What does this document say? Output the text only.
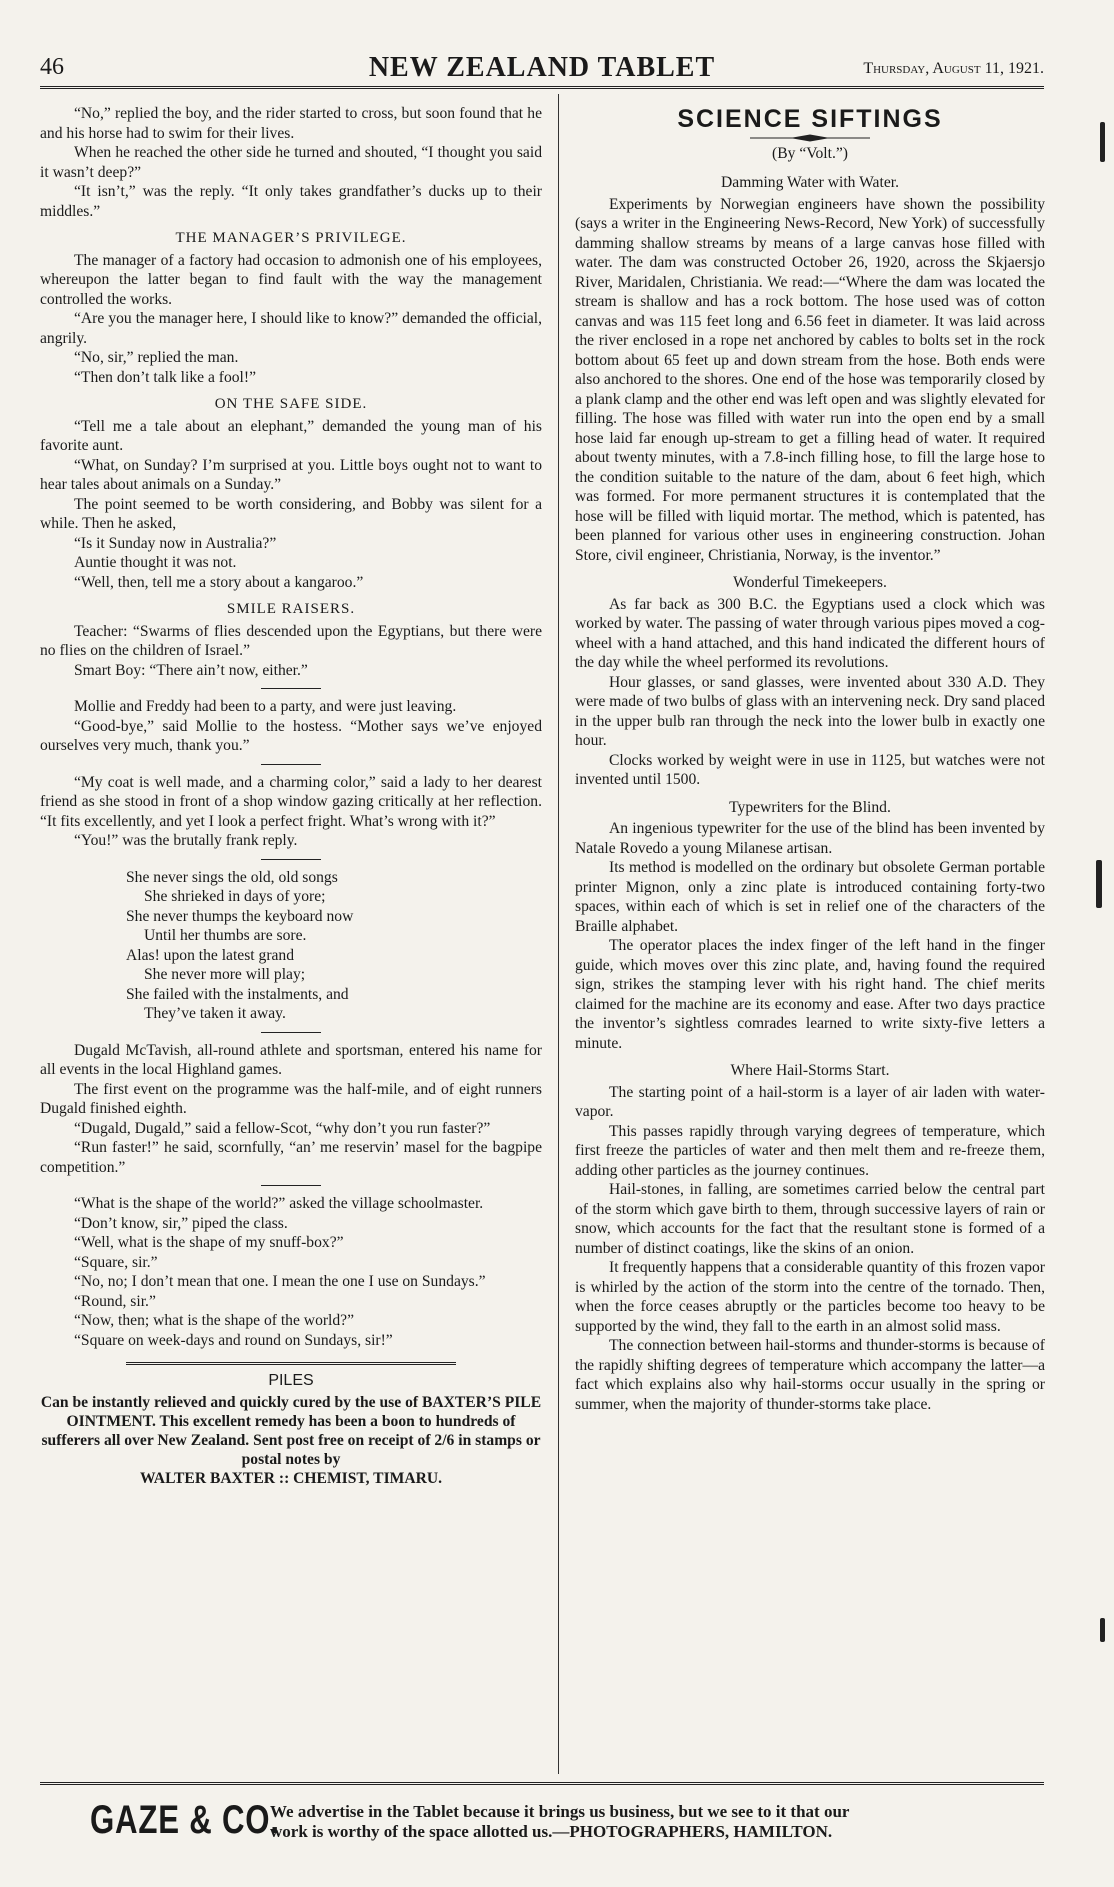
46	NEW ZEALAND TABLET	Thursday, August 11, 1921.

“No,” replied the boy, and the rider started to cross, but soon found that he and his horse had to swim for their lives.

When he reached the other side he turned and shouted, “I thought you said it wasn’t deep?”

“It isn’t,” was the reply. “It only takes grandfather’s ducks up to their middles.”

THE MANAGER’S PRIVILEGE.

The manager of a factory had occasion to admonish one of his employees, whereupon the latter began to find fault with the way the management controlled the works.

“Are you the manager here, I should like to know?” demanded the official, angrily.

“No, sir,” replied the man.

“Then don’t talk like a fool!”

ON THE SAFE SIDE.

“Tell me a tale about an elephant,” demanded the young man of his favorite aunt.

“What, on Sunday? I’m surprised at you. Little boys ought not to want to hear tales about animals on a Sunday.”

The point seemed to be worth considering, and Bobby was silent for a while. Then he asked,

“Is it Sunday now in Australia?”

Auntie thought it was not.

“Well, then, tell me a story about a kangaroo.”

SMILE RAISERS.

Teacher: “Swarms of flies descended upon the Egyptians, but there were no flies on the children of Israel.”

Smart Boy: “There ain’t now, either.”

Mollie and Freddy had been to a party, and were just leaving.

“Good-bye,” said Mollie to the hostess. “Mother says we’ve enjoyed ourselves very much, thank you.”

“My coat is well made, and a charming color,” said a lady to her dearest friend as she stood in front of a shop window gazing critically at her reflection. “It fits excellently, and yet I look a perfect fright. What’s wrong with it?”

“You!” was the brutally frank reply.

She never sings the old, old songs
She shrieked in days of yore;
She never thumps the keyboard now
Until her thumbs are sore.
Alas! upon the latest grand
She never more will play;
She failed with the instalments, and
They’ve taken it away.

Dugald McTavish, all-round athlete and sportsman, entered his name for all events in the local Highland games.

The first event on the programme was the half-mile, and of eight runners Dugald finished eighth.

“Dugald, Dugald,” said a fellow-Scot, “why don’t you run faster?”

“Run faster!” he said, scornfully, “an’ me reservin’ masel for the bagpipe competition.”

“What is the shape of the world?” asked the village schoolmaster.

“Don’t know, sir,” piped the class.

“Well, what is the shape of my snuff-box?”

“Square, sir.”

“No, no; I don’t mean that one. I mean the one I use on Sundays.”

“Round, sir.”

“Now, then; what is the shape of the world?”

“Square on week-days and round on Sundays, sir!”

PILES
Can be instantly relieved and quickly cured by the use of BAXTER’S PILE OINTMENT. This excellent remedy has been a boon to hundreds of sufferers all over New Zealand. Sent post free on receipt of 2/6 in stamps or postal notes by
WALTER BAXTER :: CHEMIST, TIMARU.
SCIENCE SIFTINGS
(By “Volt.”)
Damming Water with Water.

Experiments by Norwegian engineers have shown the possibility (says a writer in the Engineering News-Record, New York) of successfully damming shallow streams by means of a large canvas hose filled with water. The dam was constructed October 26, 1920, across the Skjaersjo River, Maridalen, Christiania. We read:—“Where the dam was located the stream is shallow and has a rock bottom. The hose used was of cotton canvas and was 115 feet long and 6.56 feet in diameter. It was laid across the river enclosed in a rope net anchored by cables to bolts set in the rock bottom about 65 feet up and down stream from the hose. Both ends were also anchored to the shores. One end of the hose was temporarily closed by a plank clamp and the other end was left open and was slightly elevated for filling. The hose was filled with water run into the open end by a small hose laid far enough up-stream to get a filling head of water. It required about twenty minutes, with a 7.8-inch filling hose, to fill the large hose to the condition suitable to the nature of the dam, about 6 feet high, which was formed. For more permanent structures it is contemplated that the hose will be filled with liquid mortar. The method, which is patented, has been planned for various other uses in engineering construction. Johan Store, civil engineer, Christiania, Norway, is the inventor.”

Wonderful Timekeepers.

As far back as 300 B.C. the Egyptians used a clock which was worked by water. The passing of water through various pipes moved a cog-wheel with a hand attached, and this hand indicated the different hours of the day while the wheel performed its revolutions.

Hour glasses, or sand glasses, were invented about 330 A.D. They were made of two bulbs of glass with an intervening neck. Dry sand placed in the upper bulb ran through the neck into the lower bulb in exactly one hour.

Clocks worked by weight were in use in 1125, but watches were not invented until 1500.

Typewriters for the Blind.

An ingenious typewriter for the use of the blind has been invented by Natale Rovedo a young Milanese artisan.

Its method is modelled on the ordinary but obsolete German portable printer Mignon, only a zinc plate is introduced containing forty-two spaces, within each of which is set in relief one of the characters of the Braille alphabet.

The operator places the index finger of the left hand in the finger guide, which moves over this zinc plate, and, having found the required sign, strikes the stamping lever with his right hand. The chief merits claimed for the machine are its economy and ease. After two days practice the inventor’s sightless comrades learned to write sixty-five letters a minute.

Where Hail-Storms Start.

The starting point of a hail-storm is a layer of air laden with water-vapor.

This passes rapidly through varying degrees of temperature, which first freeze the particles of water and then melt them and re-freeze them, adding other particles as the journey continues.

Hail-stones, in falling, are sometimes carried below the central part of the storm which gave birth to them, through successive layers of rain or snow, which accounts for the fact that the resultant stone is formed of a number of distinct coatings, like the skins of an onion.

It frequently happens that a considerable quantity of this frozen vapor is whirled by the action of the storm into the centre of the tornado. Then, when the force ceases abruptly or the particles become too heavy to be supported by the wind, they fall to the earth in an almost solid mass.

The connection between hail-storms and thunder-storms is because of the rapidly shifting degrees of temperature which accompany the latter—a fact which explains also why hail-storms occur usually in the spring or summer, when the majority of thunder-storms take place.

GAZE & CO.
We advertise in the Tablet because it brings us business, but we see to it that our
work is worthy of the space allotted us.—PHOTOGRAPHERS, HAMILTON.
